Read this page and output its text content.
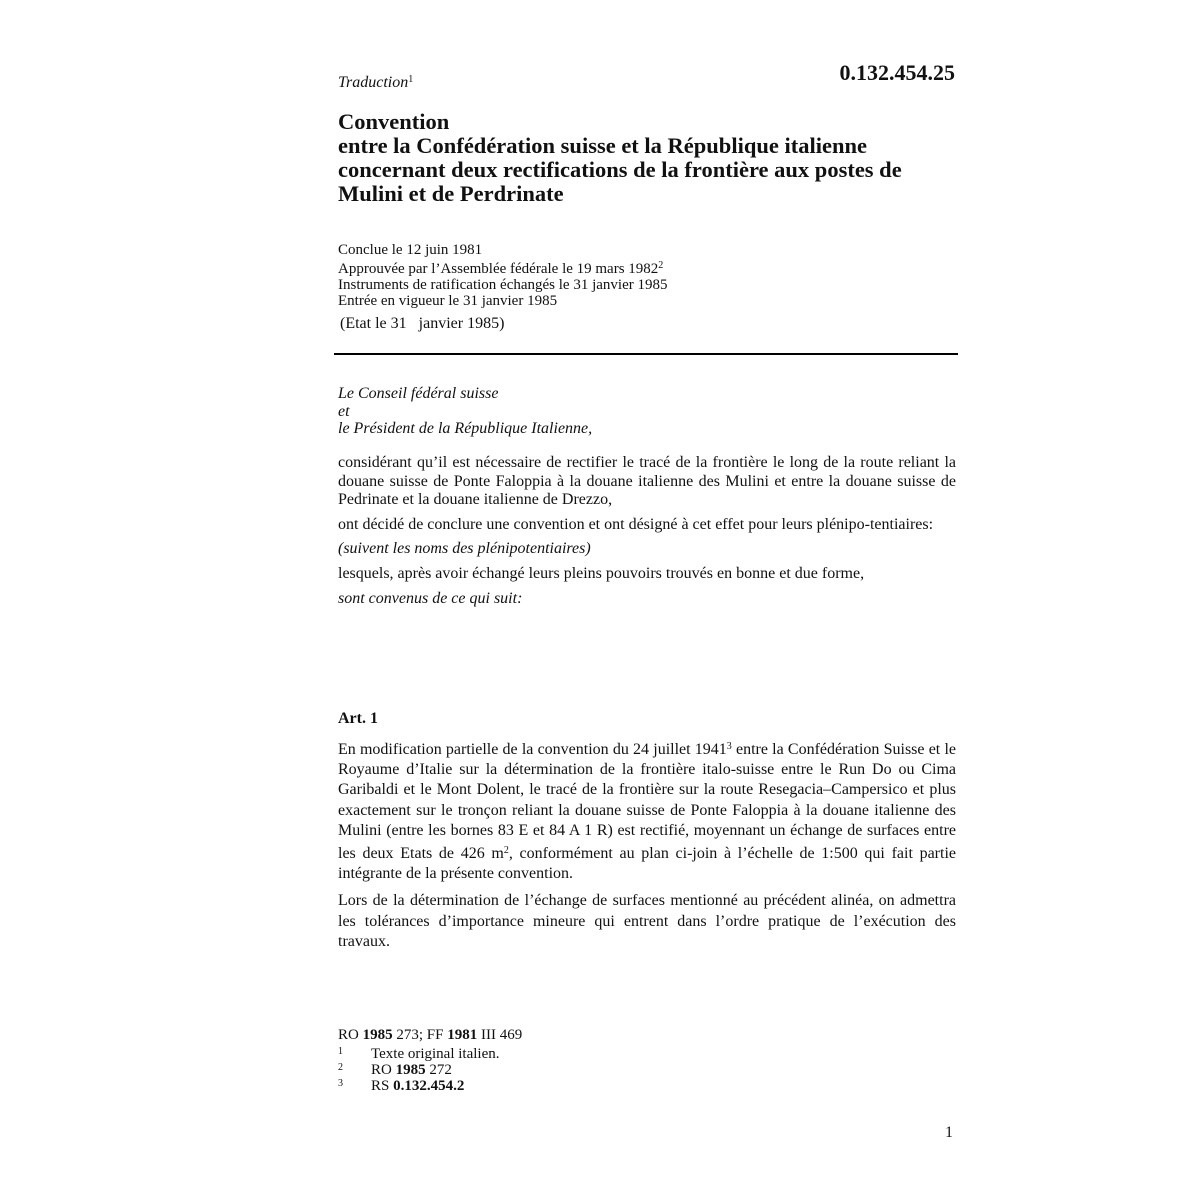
Traduction$^1$	0.132.454.25
Convention
entre la Confédération suisse et la République italienne
concernant deux rectifications de la frontière aux postes de
Mulini et de Perdrinate
Conclue le 12 juin 1981
Approuvée par l’Assemblée fédérale le 19 mars 1982$^2$
Instruments de ratification échangés le 31 janvier 1985
Entrée en vigueur le 31 janvier 1985
(Etat le 31   janvier 1985)
Le Conseil fédéral suisse
et
le Président de la République Italienne,

considérant qu’il est nécessaire de rectifier le tracé de la frontière le long de la route reliant la douane suisse de Ponte Faloppia à la douane italienne des Mulini et entre la douane suisse de Pedrinate et la douane italienne de Drezzo,

ont décidé de conclure une convention et ont désigné à cet effet pour leurs plénipo-tentiaires:

(suivent les noms des plénipotentiaires)

lesquels, après avoir échangé leurs pleins pouvoirs trouvés en bonne et due forme,

sont convenus de ce qui suit:

Art. 1

En modification partielle de la convention du 24 juillet 1941$^3$ entre la Confédération Suisse et le Royaume d’Italie sur la détermination de la frontière italo-suisse entre le Run Do ou Cima Garibaldi et le Mont Dolent, le tracé de la frontière sur la route Resegacia–Campersico et plus exactement sur le tronçon reliant la douane suisse de Ponte Faloppia à la douane italienne des Mulini (entre les bornes 83 E et 84 A 1 R) est rectifié, moyennant un échange de surfaces entre les deux Etats de 426 $m^2$, conformément au plan ci-join à l’échelle de 1:500 qui fait partie intégrante de la présente convention.

Lors de la détermination de l’échange de surfaces mentionné au précédent alinéa, on admettra les tolérances d’importance mineure qui entrent dans l’ordre pratique de l’exécution des travaux.

RO 1985 273; FF 1981 III 469
1	Texte original italien.
2	RO 1985 272
3	RS 0.132.454.2
1
